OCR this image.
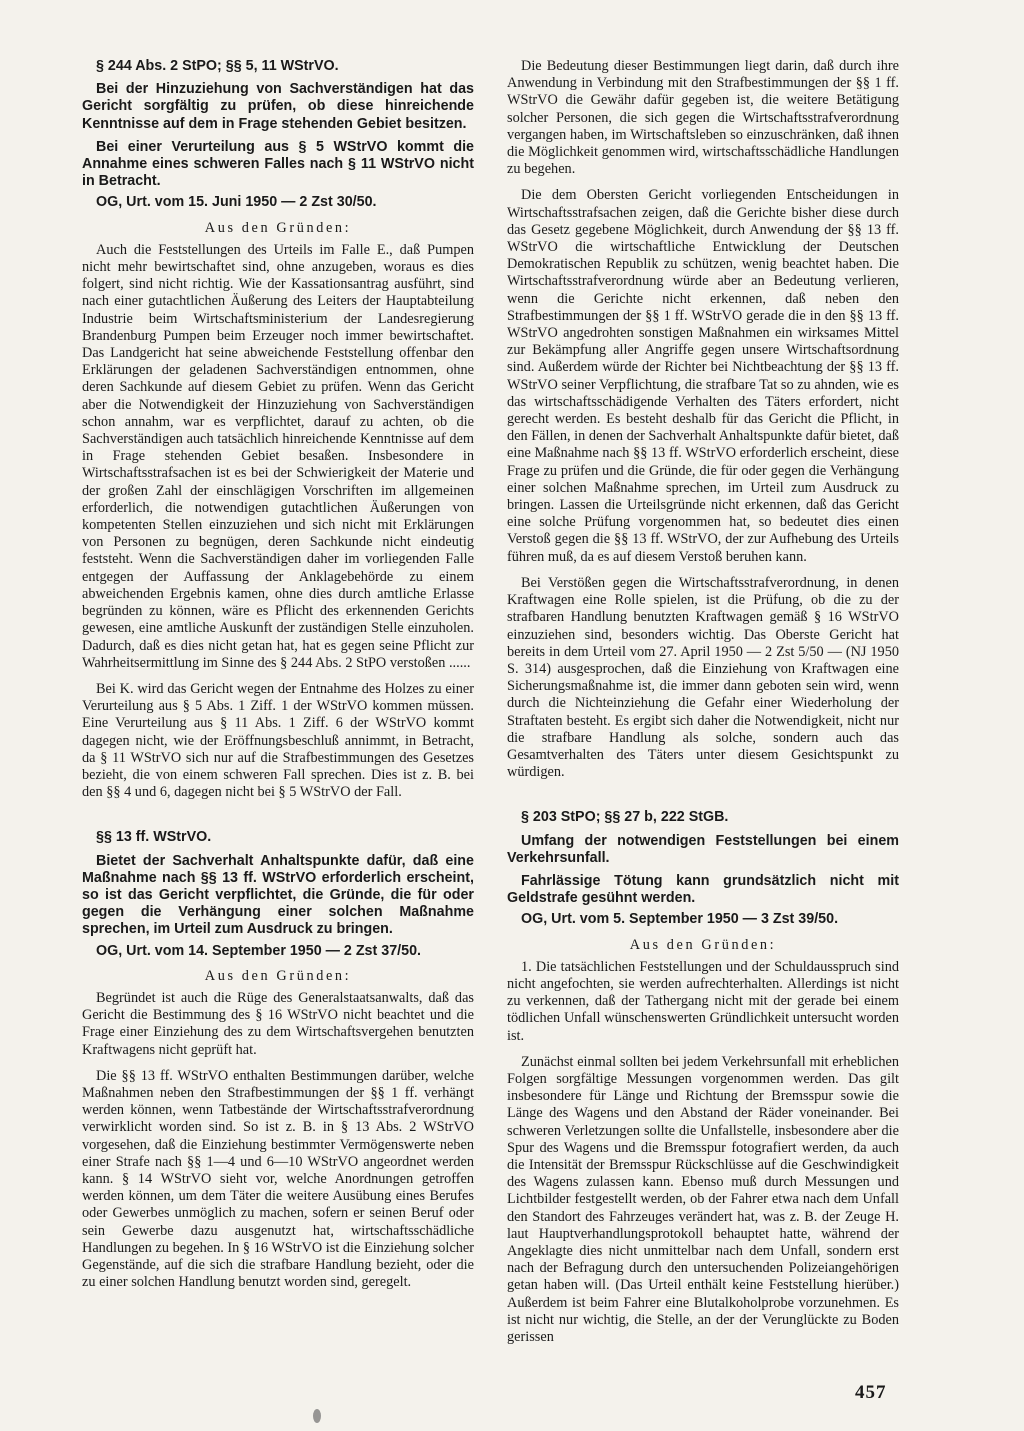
§ 244 Abs. 2 StPO; §§ 5, 11 WStrVO.

Bei der Hinzuziehung von Sachverständigen hat das Gericht sorgfältig zu prüfen, ob diese hinreichende Kenntnisse auf dem in Frage stehenden Gebiet besitzen.

Bei einer Verurteilung aus § 5 WStrVO kommt die Annahme eines schweren Falles nach § 11 WStrVO nicht in Betracht.

OG, Urt. vom 15. Juni 1950 — 2 Zst 30/50.

Aus den Gründen:

Auch die Feststellungen des Urteils im Falle E., daß Pumpen nicht mehr bewirtschaftet sind, ohne anzugeben, woraus es dies folgert, sind nicht richtig. Wie der Kassationsantrag ausführt, sind nach einer gutachtlichen Äußerung des Leiters der Hauptabteilung Industrie beim Wirtschaftsministerium der Landesregierung Brandenburg Pumpen beim Erzeuger noch immer bewirtschaftet. Das Landgericht hat seine abweichende Feststellung offenbar den Erklärungen der geladenen Sachverständigen entnommen, ohne deren Sachkunde auf diesem Gebiet zu prüfen. Wenn das Gericht aber die Notwendigkeit der Hinzuziehung von Sachverständigen schon annahm, war es verpflichtet, darauf zu achten, ob die Sachverständigen auch tatsächlich hinreichende Kenntnisse auf dem in Frage stehenden Gebiet besaßen. Insbesondere in Wirtschaftsstrafsachen ist es bei der Schwierigkeit der Materie und der großen Zahl der einschlägigen Vorschriften im allgemeinen erforderlich, die notwendigen gutachtlichen Äußerungen von kompetenten Stellen einzuziehen und sich nicht mit Erklärungen von Personen zu begnügen, deren Sachkunde nicht eindeutig feststeht. Wenn die Sachverständigen daher im vorliegenden Falle entgegen der Auffassung der Anklagebehörde zu einem abweichenden Ergebnis kamen, ohne dies durch amtliche Erlasse begründen zu können, wäre es Pflicht des erkennenden Gerichts gewesen, eine amtliche Auskunft der zuständigen Stelle einzuholen. Dadurch, daß es dies nicht getan hat, hat es gegen seine Pflicht zur Wahrheitsermittlung im Sinne des § 244 Abs. 2 StPO verstoßen ......

Bei K. wird das Gericht wegen der Entnahme des Holzes zu einer Verurteilung aus § 5 Abs. 1 Ziff. 1 der WStrVO kommen müssen. Eine Verurteilung aus § 11 Abs. 1 Ziff. 6 der WStrVO kommt dagegen nicht, wie der Eröffnungsbeschluß annimmt, in Betracht, da § 11 WStrVO sich nur auf die Strafbestimmungen des Gesetzes bezieht, die von einem schweren Fall sprechen. Dies ist z. B. bei den §§ 4 und 6, dagegen nicht bei § 5 WStrVO der Fall.

§§ 13 ff. WStrVO.

Bietet der Sachverhalt Anhaltspunkte dafür, daß eine Maßnahme nach §§ 13 ff. WStrVO erforderlich erscheint, so ist das Gericht verpflichtet, die Gründe, die für oder gegen die Verhängung einer solchen Maßnahme sprechen, im Urteil zum Ausdruck zu bringen.

OG, Urt. vom 14. September 1950 — 2 Zst 37/50.

Aus den Gründen:

Begründet ist auch die Rüge des Generalstaatsanwalts, daß das Gericht die Bestimmung des § 16 WStrVO nicht beachtet und die Frage einer Einziehung des zu dem Wirtschaftsvergehen benutzten Kraftwagens nicht geprüft hat.

Die §§ 13 ff. WStrVO enthalten Bestimmungen darüber, welche Maßnahmen neben den Strafbestimmungen der §§ 1 ff. verhängt werden können, wenn Tatbestände der Wirtschaftsstrafverordnung verwirklicht worden sind. So ist z. B. in § 13 Abs. 2 WStrVO vorgesehen, daß die Einziehung bestimmter Vermögenswerte neben einer Strafe nach §§ 1—4 und 6—10 WStrVO angeordnet werden kann. § 14 WStrVO sieht vor, welche Anordnungen getroffen werden können, um dem Täter die weitere Ausübung eines Berufes oder Gewerbes unmöglich zu machen, sofern er seinen Beruf oder sein Gewerbe dazu ausgenutzt hat, wirtschaftsschädliche Handlungen zu begehen. In § 16 WStrVO ist die Einziehung solcher Gegenstände, auf die sich die strafbare Handlung bezieht, oder die zu einer solchen Handlung benutzt worden sind, geregelt.

Die Bedeutung dieser Bestimmungen liegt darin, daß durch ihre Anwendung in Verbindung mit den Strafbestimmungen der §§ 1 ff. WStrVO die Gewähr dafür gegeben ist, die weitere Betätigung solcher Personen, die sich gegen die Wirtschaftsstrafverordnung vergangen haben, im Wirtschaftsleben so einzuschränken, daß ihnen die Möglichkeit genommen wird, wirtschaftsschädliche Handlungen zu begehen.

Die dem Obersten Gericht vorliegenden Entscheidungen in Wirtschaftsstrafsachen zeigen, daß die Gerichte bisher diese durch das Gesetz gegebene Möglichkeit, durch Anwendung der §§ 13 ff. WStrVO die wirtschaftliche Entwicklung der Deutschen Demokratischen Republik zu schützen, wenig beachtet haben. Die Wirtschaftsstrafverordnung würde aber an Bedeutung verlieren, wenn die Gerichte nicht erkennen, daß neben den Strafbestimmungen der §§ 1 ff. WStrVO gerade die in den §§ 13 ff. WStrVO angedrohten sonstigen Maßnahmen ein wirksames Mittel zur Bekämpfung aller Angriffe gegen unsere Wirtschaftsordnung sind. Außerdem würde der Richter bei Nichtbeachtung der §§ 13 ff. WStrVO seiner Verpflichtung, die strafbare Tat so zu ahnden, wie es das wirtschaftsschädigende Verhalten des Täters erfordert, nicht gerecht werden. Es besteht deshalb für das Gericht die Pflicht, in den Fällen, in denen der Sachverhalt Anhaltspunkte dafür bietet, daß eine Maßnahme nach §§ 13 ff. WStrVO erforderlich erscheint, diese Frage zu prüfen und die Gründe, die für oder gegen die Verhängung einer solchen Maßnahme sprechen, im Urteil zum Ausdruck zu bringen. Lassen die Urteilsgründe nicht erkennen, daß das Gericht eine solche Prüfung vorgenommen hat, so bedeutet dies einen Verstoß gegen die §§ 13 ff. WStrVO, der zur Aufhebung des Urteils führen muß, da es auf diesem Verstoß beruhen kann.

Bei Verstößen gegen die Wirtschaftsstrafverordnung, in denen Kraftwagen eine Rolle spielen, ist die Prüfung, ob die zu der strafbaren Handlung benutzten Kraftwagen gemäß § 16 WStrVO einzuziehen sind, besonders wichtig. Das Oberste Gericht hat bereits in dem Urteil vom 27. April 1950 — 2 Zst 5/50 — (NJ 1950 S. 314) ausgesprochen, daß die Einziehung von Kraftwagen eine Sicherungsmaßnahme ist, die immer dann geboten sein wird, wenn durch die Nichteinziehung die Gefahr einer Wiederholung der Straftaten besteht. Es ergibt sich daher die Notwendigkeit, nicht nur die strafbare Handlung als solche, sondern auch das Gesamtverhalten des Täters unter diesem Gesichtspunkt zu würdigen.

§ 203 StPO; §§ 27 b, 222 StGB.

Umfang der notwendigen Feststellungen bei einem Verkehrsunfall.

Fahrlässige Tötung kann grundsätzlich nicht mit Geldstrafe gesühnt werden.

OG, Urt. vom 5. September 1950 — 3 Zst 39/50.

Aus den Gründen:

1. Die tatsächlichen Feststellungen und der Schuldausspruch sind nicht angefochten, sie werden aufrechterhalten. Allerdings ist nicht zu verkennen, daß der Tathergang nicht mit der gerade bei einem tödlichen Unfall wünschenswerten Gründlichkeit untersucht worden ist.

Zunächst einmal sollten bei jedem Verkehrsunfall mit erheblichen Folgen sorgfältige Messungen vorgenommen werden. Das gilt insbesondere für Länge und Richtung der Bremsspur sowie die Länge des Wagens und den Abstand der Räder voneinander. Bei schweren Verletzungen sollte die Unfallstelle, insbesondere aber die Spur des Wagens und die Bremsspur fotografiert werden, da auch die Intensität der Bremsspur Rückschlüsse auf die Geschwindigkeit des Wagens zulassen kann. Ebenso muß durch Messungen und Lichtbilder festgestellt werden, ob der Fahrer etwa nach dem Unfall den Standort des Fahrzeuges verändert hat, was z. B. der Zeuge H. laut Hauptverhandlungsprotokoll behauptet hatte, während der Angeklagte dies nicht unmittelbar nach dem Unfall, sondern erst nach der Befragung durch den untersuchenden Polizeiangehörigen getan haben will. (Das Urteil enthält keine Feststellung hierüber.) Außerdem ist beim Fahrer eine Blutalkoholprobe vorzunehmen. Es ist nicht nur wichtig, die Stelle, an der der Verunglückte zu Boden gerissen

457
